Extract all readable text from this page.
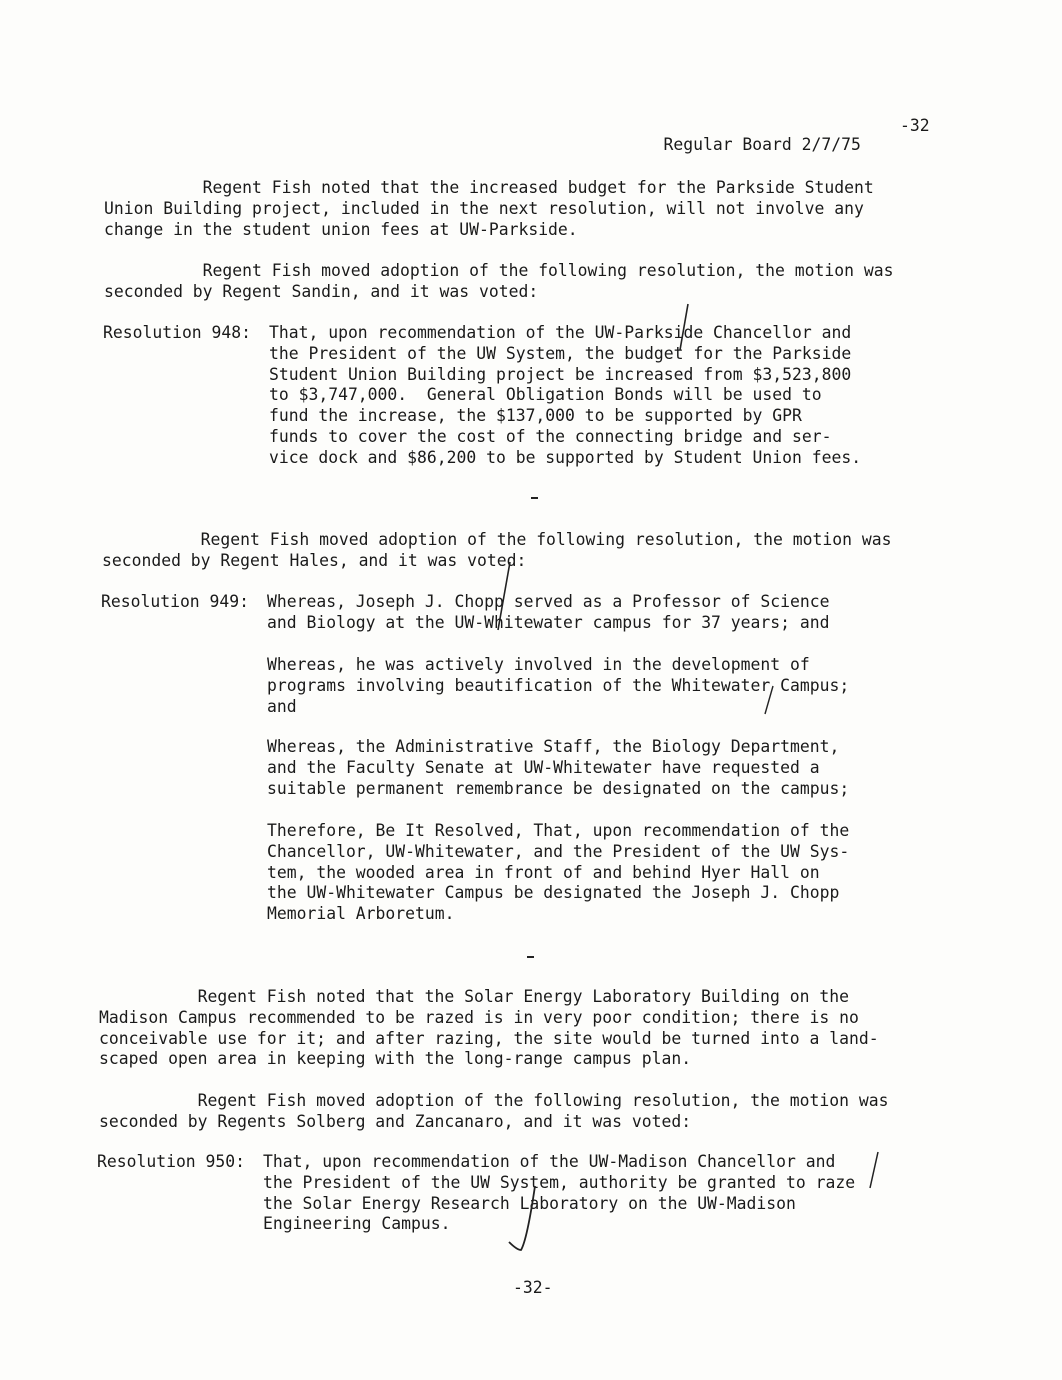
Regular Board 2/7/75

-32

Regent Fish noted that the increased budget for the Parkside Student
Union Building project, included in the next resolution, will not involve any
change in the student union fees at UW-Parkside.

Regent Fish moved adoption of the following resolution, the motion was
seconded by Regent Sandin, and it was voted:

Resolution 948:

That, upon recommendation of the UW-Parkside Chancellor and
the President of the UW System, the budget for the Parkside
Student Union Building project be increased from $3,523,800
to $3,747,000.  General Obligation Bonds will be used to
fund the increase, the $137,000 to be supported by GPR
funds to cover the cost of the connecting bridge and ser-
vice dock and $86,200 to be supported by Student Union fees.

Regent Fish moved adoption of the following resolution, the motion was
seconded by Regent Hales, and it was voted:

Resolution 949:

Whereas, Joseph J. Chopp served as a Professor of Science
and Biology at the UW-Whitewater campus for 37 years; and

Whereas, he was actively involved in the development of
programs involving beautification of the Whitewater Campus;
and

Whereas, the Administrative Staff, the Biology Department,
and the Faculty Senate at UW-Whitewater have requested a
suitable permanent remembrance be designated on the campus;

Therefore, Be It Resolved, That, upon recommendation of the
Chancellor, UW-Whitewater, and the President of the UW Sys-
tem, the wooded area in front of and behind Hyer Hall on
the UW-Whitewater Campus be designated the Joseph J. Chopp
Memorial Arboretum.

Regent Fish noted that the Solar Energy Laboratory Building on the
Madison Campus recommended to be razed is in very poor condition; there is no
conceivable use for it; and after razing, the site would be turned into a land-
scaped open area in keeping with the long-range campus plan.

Regent Fish moved adoption of the following resolution, the motion was
seconded by Regents Solberg and Zancanaro, and it was voted:

Resolution 950:

That, upon recommendation of the UW-Madison Chancellor and
the President of the UW System, authority be granted to raze
the Solar Energy Research Laboratory on the UW-Madison
Engineering Campus.

-32-
